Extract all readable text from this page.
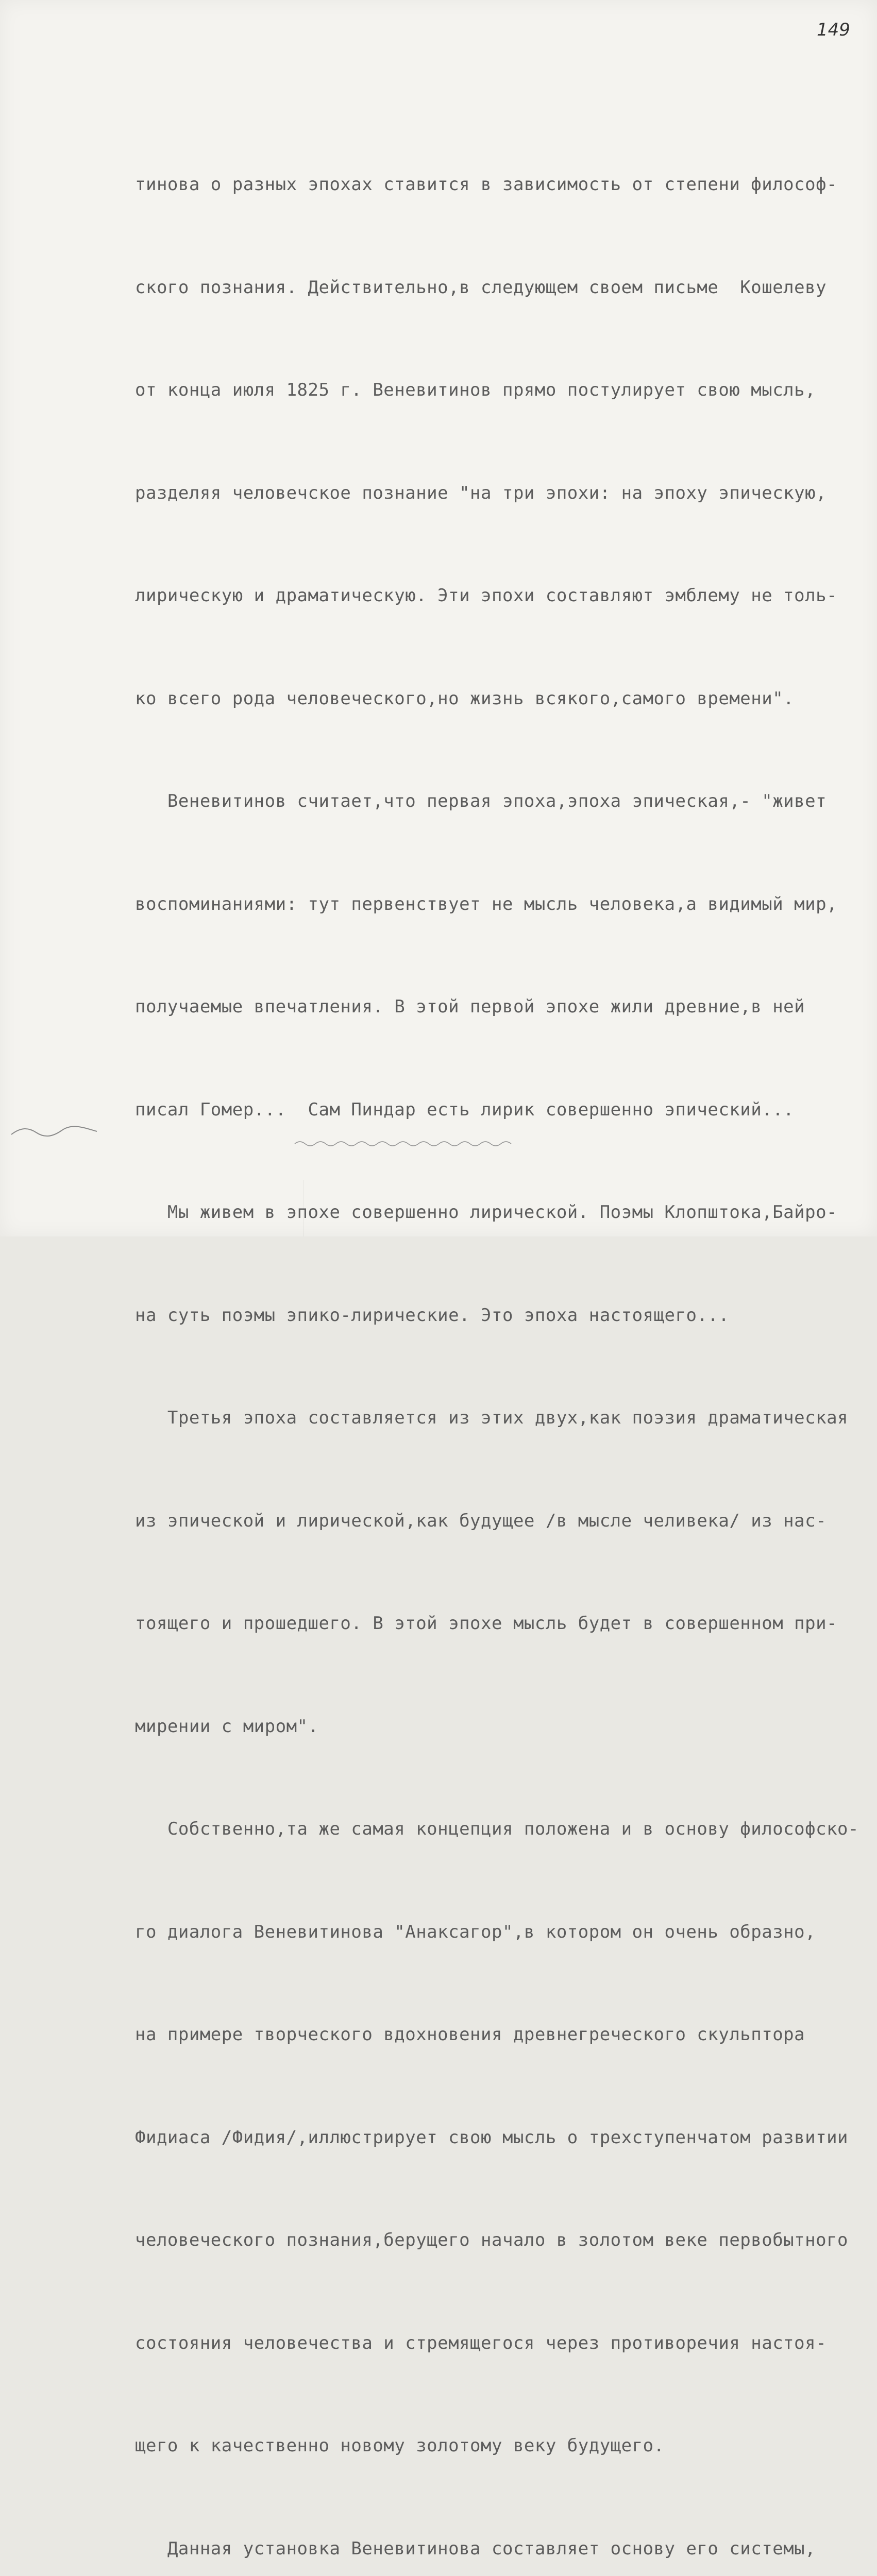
149

тинова о разных эпохах ставится в зависимость от степени философ-

ского познания. Действительно,в следующем своем письме  Кошелеву

от конца июля 1825 г. Веневитинов прямо постулирует свою мысль,

разделяя человечское познание "на три эпохи: на эпоху эпическую,

лирическую и драматическую. Эти эпохи составляют эмблему не толь-

ко всего рода человеческого,но жизнь всякого,самого времени".

Веневитинов считает,что первая эпоха,эпоха эпическая,- "живет

воспоминаниями: тут первенствует не мысль человека,а видимый мир,

получаемые впечатления. В этой первой эпохе жили древние,в ней

писал Гомер...  Сам Пиндар есть лирик совершенно эпический...

Мы живем в эпохе совершенно лирической. Поэмы Клопштока,Байро-

на суть поэмы эпико-лирические. Это эпоха настоящего...

Третья эпоха составляется из этих двух,как поэзия драматическая

из эпической и лирической,как будущее /в мысле челивека/ из нас-

тоящего и прошедшего. В этой эпохе мысль будет в совершенном при-

мирении с миром".

Собственно,та же самая концепция положена и в основу философско-

го диалога Веневитинова "Анаксагор",в котором он очень образно,

на примере творческого вдохновения древнегреческого скульптора

Фидиаса /Фидия/,иллюстрирует свою мысль о трехступенчатом развитии

человеческого познания,берущего начало в золотом веке первобытного

состояния человечества и стремящегося через противоречия настоя-

щего к качественно новому золотому веку будущего.

Данная установка Веневитинова составляет основу его системы,
